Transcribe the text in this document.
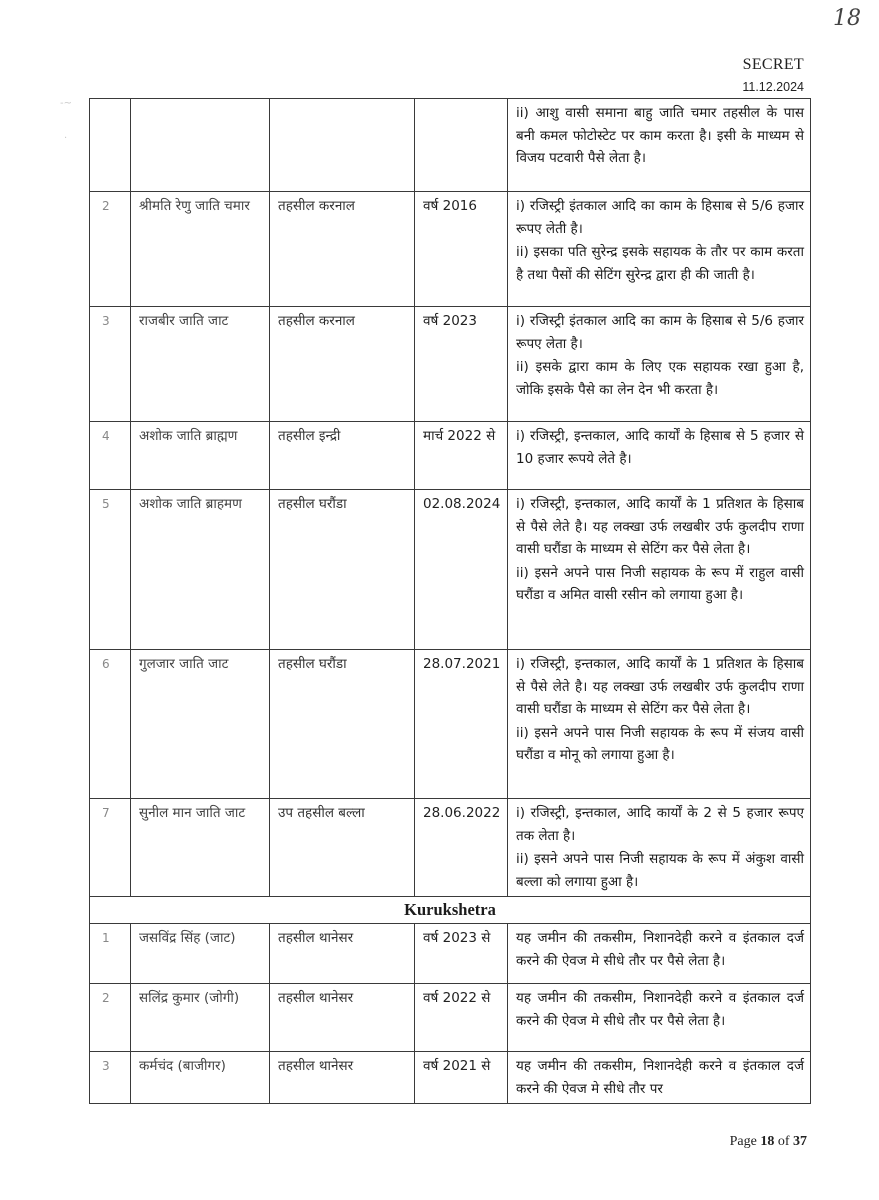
18
SECRET
11.12.2024
-~
.

				ii) आशु वासी समाना बाहु जाति चमार तहसील के पास बनी कमल फोटोस्टेट पर काम करता है। इसी के माध्यम से विजय पटवारी पैसे लेता है।

2	श्रीमति रेणु जाति चमार	तहसील करनाल	वर्ष 2016	i) रजिस्ट्री इंतकाल आदि का काम के हिसाब से 5/6 हजार रूपए लेती है।

ii) इसका पति सुरेन्द्र इसके सहायक के तौर पर काम करता है तथा पैसों की सेटिंग सुरेन्द्र द्वारा ही की जाती है।

3	राजबीर जाति जाट	तहसील करनाल	वर्ष 2023	i) रजिस्ट्री इंतकाल आदि का काम के हिसाब से 5/6 हजार रूपए लेता है।

ii) इसके द्वारा काम के लिए एक सहायक रखा हुआ है, जोकि इसके पैसे का लेन देन भी करता है।

4	अशोक जाति ब्राह्मण	तहसील इन्द्री	मार्च 2022 से	i) रजिस्ट्री, इन्तकाल, आदि कार्यों के हिसाब से 5 हजार से 10 हजार रूपये लेते है।

5	अशोक जाति ब्राहमण	तहसील घरौंडा	02.08.2024	i) रजिस्ट्री, इन्तकाल, आदि कार्यों के 1 प्रतिशत के हिसाब से पैसे लेते है। यह लक्खा उर्फ लखबीर उर्फ कुलदीप राणा वासी घरौंडा के माध्यम से सेटिंग कर पैसे लेता है।

ii) इसने अपने पास निजी सहायक के रूप में राहुल वासी घरौंडा व अमित वासी रसीन को लगाया हुआ है।

6	गुलजार जाति जाट	तहसील घरौंडा	28.07.2021	i) रजिस्ट्री, इन्तकाल, आदि कार्यों के 1 प्रतिशत के हिसाब से पैसे लेते है। यह लक्खा उर्फ लखबीर उर्फ कुलदीप राणा वासी घरौंडा के माध्यम से सेटिंग कर पैसे लेता है।

ii) इसने अपने पास निजी सहायक के रूप में संजय वासी घरौंडा व मोनू को लगाया हुआ है।

7	सुनील मान जाति जाट	उप तहसील बल्ला	28.06.2022	i) रजिस्ट्री, इन्तकाल, आदि कार्यों के 2 से 5 हजार रूपए तक लेता है।

ii) इसने अपने पास निजी सहायक के रूप में अंकुश वासी बल्ला को लगाया हुआ है।

Kurukshetra				
1	जसविंद्र सिंह (जाट)	तहसील थानेसर	वर्ष 2023 से	यह जमीन की तकसीम, निशानदेही करने व इंतकाल दर्ज करने की ऐवज मे सीधे तौर पर पैसे लेता है।

2	सलिंद्र कुमार (जोगी)	तहसील थानेसर	वर्ष 2022 से	यह जमीन की तकसीम, निशानदेही करने व इंतकाल दर्ज करने की ऐवज मे सीधे तौर पर पैसे लेता है।

3	कर्मचंद (बाजीगर)	तहसील थानेसर	वर्ष 2021 से	यह जमीन की तकसीम, निशानदेही करने व इंतकाल दर्ज करने की ऐवज मे सीधे तौर पर

Page 18 of 37
